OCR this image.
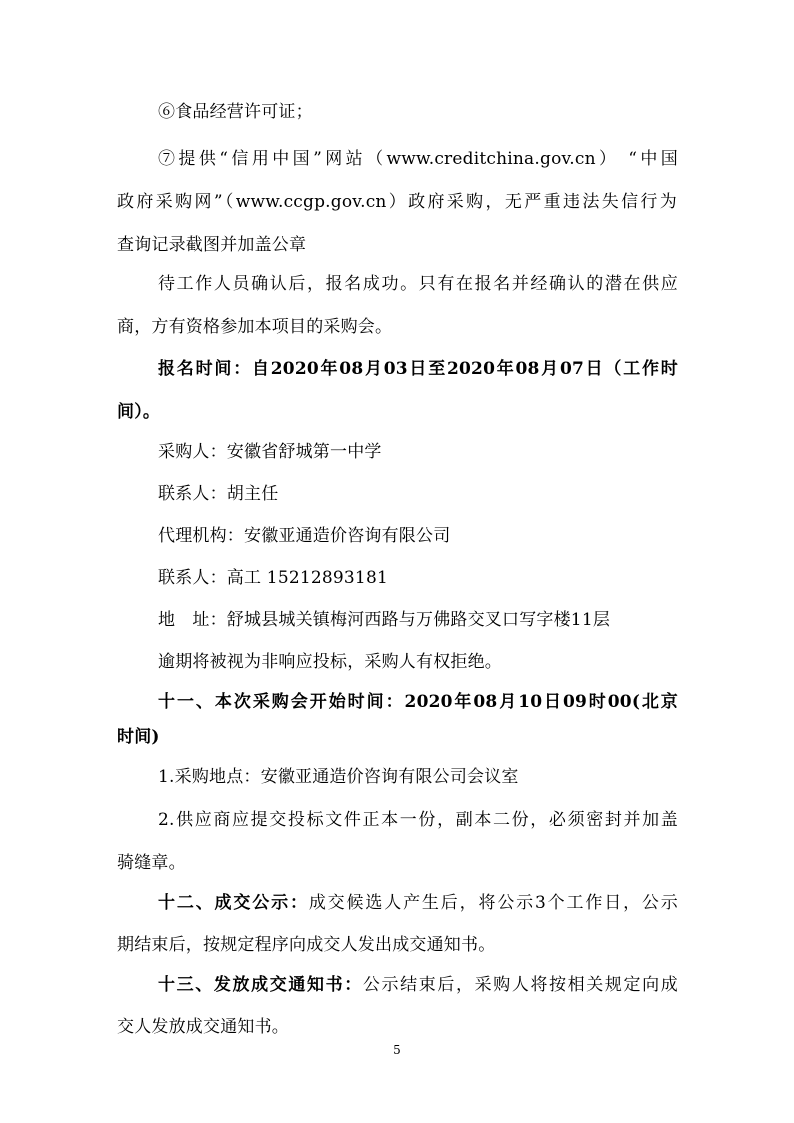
⑥食品经营许可证；
⑦提供“信用中国”网站（www.creditchina.gov.cn） “中国
政府采购网”（www.ccgp.gov.cn）政府采购，无严重违法失信行为
查询记录截图并加盖公章
待工作人员确认后，报名成功。只有在报名并经确认的潜在供应
商，方有资格参加本项目的采购会。
报名时间：自2020年08月03日至2020年08月07日（工作时
间）。
采购人：安徽省舒城第一中学
联系人：胡主任
代理机构：安徽亚通造价咨询有限公司
联系人：高工 15212893181
地　址：舒城县城关镇梅河西路与万佛路交叉口写字楼11层
逾期将被视为非响应投标，采购人有权拒绝。
十一、本次采购会开始时间：2020年08月10日09时00(北京
时间)
1.采购地点：安徽亚通造价咨询有限公司会议室
2.供应商应提交投标文件正本一份，副本二份，必须密封并加盖
骑缝章。
十二、成交公示：成交候选人产生后，将公示3个工作日，公示
期结束后，按规定程序向成交人发出成交通知书。
十三、发放成交通知书：公示结束后，采购人将按相关规定向成
交人发放成交通知书。
5
